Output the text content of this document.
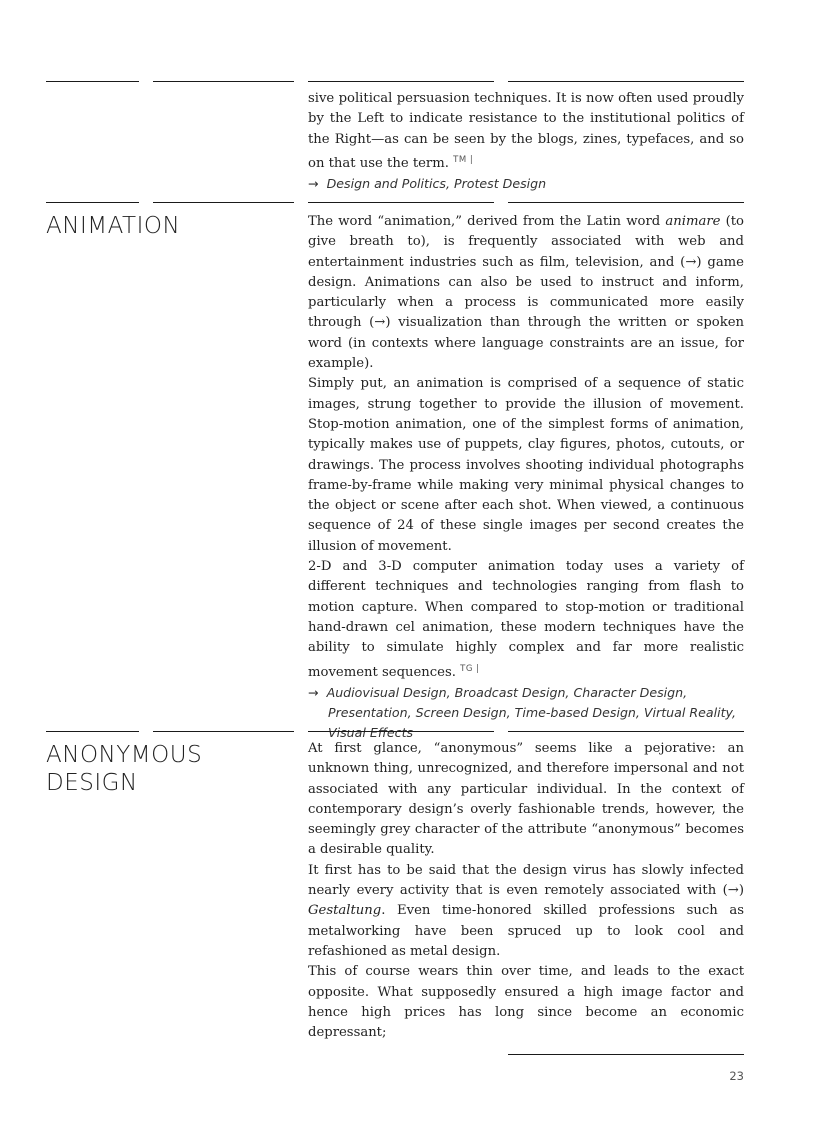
sive political persuasion techniques. It is now often used proudly by the Left to indicate resistance to the institutional politics of the Right—as can be seen by the blogs, zines, typefaces, and so on that use the term. $^{TM |}$

→ Design and Politics, Protest Design
ANIMATION	The word “animation,” derived from the Latin word animare (to give breath to), is frequently associated with web and entertainment industries such as film, television, and (→) game design. Animations can also be used to instruct and inform, particularly when a process is communicated more easily through (→) visualization than through the written or spoken word (in contexts where language constraints are an issue, for example).

Simply put, an animation is comprised of a sequence of static images, strung together to provide the illusion of movement. Stop-motion animation, one of the simplest forms of animation, typically makes use of puppets, clay figures, photos, cutouts, or drawings. The process involves shooting individual photographs frame-by-frame while making very minimal physical changes to the object or scene after each shot. When viewed, a continuous sequence of 24 of these single images per second creates the illusion of movement.

2-D and 3-D computer animation today uses a variety of different techniques and technologies ranging from flash to motion capture. When compared to stop-motion or traditional hand-drawn cel animation, these modern techniques have the ability to simulate highly complex and far more realistic movement sequences. $^{TG |}$

→ Audiovisual Design, Broadcast Design, Character Design, Presentation, Screen Design, Time-based Design, Virtual Reality, Visual Effects
ANONYMOUS DESIGN

At first glance, “anonymous” seems like a pejorative: an unknown thing, unrecognized, and therefore impersonal and not associated with any particular individual. In the context of contemporary design’s overly fashionable trends, however, the seemingly grey character of the attribute “anonymous” becomes a desirable quality.

It first has to be said that the design virus has slowly infected nearly every activity that is even remotely associated with (→) Gestaltung. Even time-honored skilled professions such as metalworking have been spruced up to look cool and refashioned as metal design.

This of course wears thin over time, and leads to the exact opposite. What supposedly ensured a high image factor and hence high prices has long since become an economic depressant;

23
